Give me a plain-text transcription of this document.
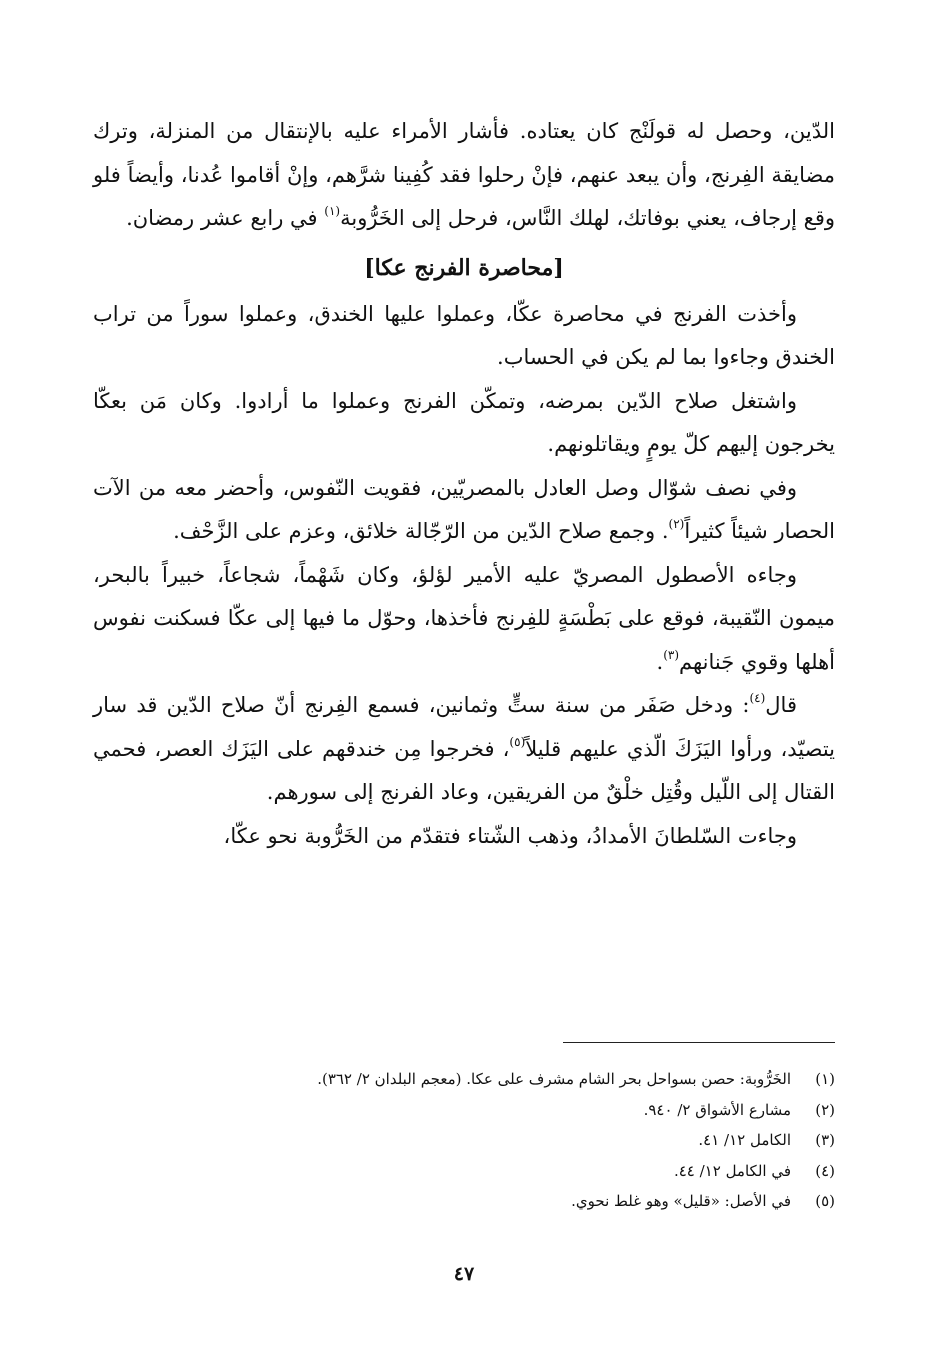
الدّين، وحصل له قولَنْج كان يعتاده. فأشار الأمراء عليه بالإنتقال من المنزلة، وترك مضايقة الفِرنج، وأن يبعد عنهم، فإنْ رحلوا فقد كُفِينا شرَّهم، وإنْ أقاموا عُدنا، وأيضاً فلو وقع إرجاف، يعني بوفاتك، لهلك النَّاس، فرحل إلى الخَرُّوبة$^{(١)}$ في رابع عشر رمضان.

[محاصرة الفرنج عكا]

وأخذت الفرنج في محاصرة عكّا، وعملوا عليها الخندق، وعملوا سوراً من تراب الخندق وجاءوا بما لم يكن في الحساب.

واشتغل صلاح الدّين بمرضه، وتمكّن الفرنج وعملوا ما أرادوا. وكان مَن بعكّا يخرجون إليهم كلّ يومٍ ويقاتلونهم.

وفي نصف شوّال وصل العادل بالمصريّين، فقويت النّفوس، وأحضر معه من الآت الحصار شيئاً كثيراً$^{(٢)}$. وجمع صلاح الدّين من الرّجّالة خلائق، وعزم على الزَّحْف.

وجاءه الأصطول المصريّ عليه الأمير لؤلؤ، وكان شَهْماً، شجاعاً، خبيراً بالبحر، ميمون النّقيبة، فوقع على بَطْسَةٍ للفِرنج فأخذها، وحوّل ما فيها إلى عكّا فسكنت نفوس أهلها وقوي جَنانهم$^{(٣)}$.

قال$^{(٤)}$: ودخل صَفَر من سنة ستٍّ وثمانين، فسمع الفِرنج أنّ صلاح الدّين قد سار يتصيّد، ورأوا اليَزَكَ الّذي عليهم قليلاً$^{(٥)}$، فخرجوا مِن خندقهم على اليَزَك العصر، فحمي القتال إلى اللّيل وقُتِل خلْقٌ من الفريقين، وعاد الفرنج إلى سورهم.

وجاءت السّلطانَ الأمدادُ، وذهب الشّتاء فتقدّم من الخَرُّوبة نحو عكّا،

(١)
الخَرُّوبة: حصن بسواحل بحر الشام مشرف على عكا. (معجم البلدان ٢/ ٣٦٢).
(٢)
مشارع الأشواق ٢/ ٩٤٠.
(٣)
الكامل ١٢/ ٤١.
(٤)
في الكامل ١٢/ ٤٤.
(٥)
في الأصل: «قليل» وهو غلط نحوي.
٤٧
